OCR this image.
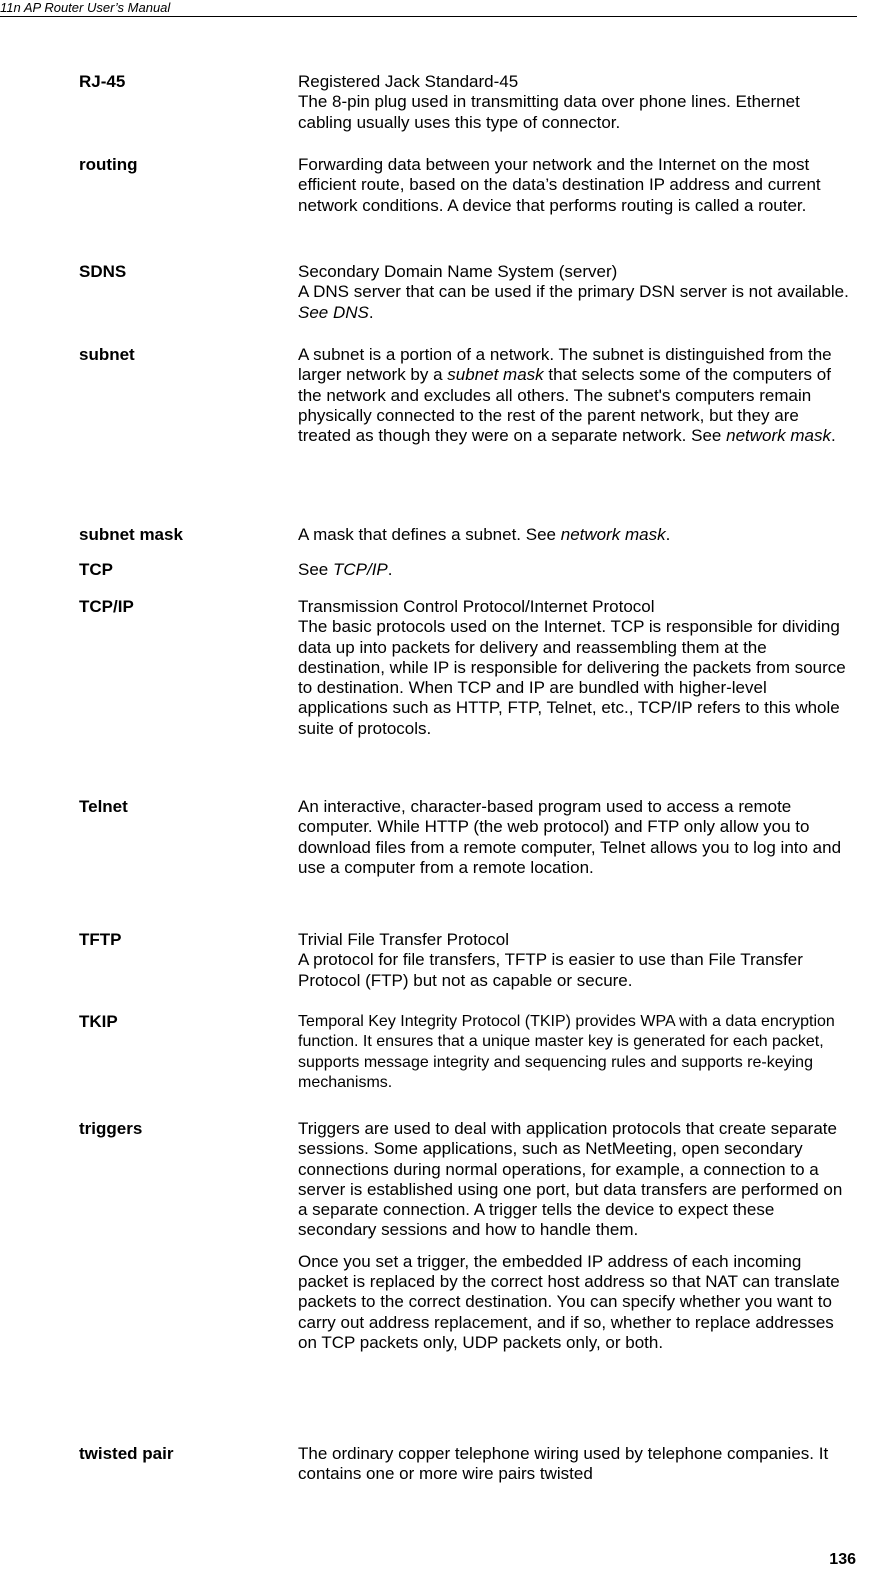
11n AP Router User’s Manual
RJ-45	Registered Jack Standard-45

The 8-pin plug used in transmitting data over phone lines. Ethernet cabling usually uses this type of connector.

routing	Forwarding data between your network and the Internet on the most efficient route, based on the data’s destination IP address and current network conditions. A device that performs routing is called a router.

SDNS	Secondary Domain Name System (server)

A DNS server that can be used if the primary DSN server is not available. See DNS.

subnet	A subnet is a portion of a network. The subnet is distinguished from the larger network by a subnet mask that selects some of the computers of the network and excludes all others. The subnet's computers remain physically connected to the rest of the parent network, but they are treated as though they were on a separate network. See network mask.

subnet mask	A mask that defines a subnet. See network mask.

TCP	See TCP/IP.

TCP/IP	Transmission Control Protocol/Internet Protocol

The basic protocols used on the Internet. TCP is responsible for dividing data up into packets for delivery and reassembling them at the destination, while IP is responsible for delivering the packets from source to destination. When TCP and IP are bundled with higher-level applications such as HTTP, FTP, Telnet, etc., TCP/IP refers to this whole suite of protocols.

Telnet	An interactive, character-based program used to access a remote computer. While HTTP (the web protocol) and FTP only allow you to download files from a remote computer, Telnet allows you to log into and use a computer from a remote location.

TFTP	Trivial File Transfer Protocol

A protocol for file transfers, TFTP is easier to use than File Transfer Protocol (FTP) but not as capable or secure.

TKIP	Temporal Key Integrity Protocol (TKIP) provides WPA with a data encryption function. It ensures that a unique master key is generated for each packet, supports message integrity and sequencing rules and supports re-keying mechanisms.

triggers	Triggers are used to deal with application protocols that create separate sessions. Some applications, such as NetMeeting, open secondary connections during normal operations, for example, a connection to a server is established using one port, but data transfers are performed on a separate connection. A trigger tells the device to expect these secondary sessions and how to handle them.

Once you set a trigger, the embedded IP address of each incoming packet is replaced by the correct host address so that NAT can translate packets to the correct destination. You can specify whether you want to carry out address replacement, and if so, whether to replace addresses on TCP packets only, UDP packets only, or both.

twisted pair	The ordinary copper telephone wiring used by telephone companies. It contains one or more wire pairs twisted

136
